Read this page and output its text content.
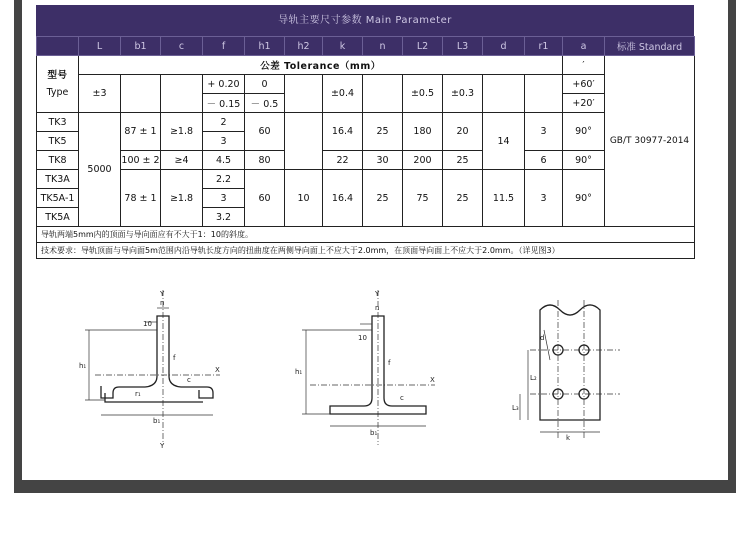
导轨主要尺寸参数 Main Parameter
	L	b1	c	f	h1	h2	k	n	L2	L3	d	r1	a	标准 Standard
型号
Type	公差 Tolerance（mm）												′	GB/T 30977-2014
	±3			+ 0.20	0		±0.4		±0.5	±0.3			+60′	
				－ 0.15	－ 0.5								+20′	
TK3	5000	87 ± 1	≥1.8	2	60		16.4	25	180	20	14	3	90°	
TK5				3										
TK8		100 ± 2	≥4	4.5	80		22	30	200	25		6	90°	
TK3A		78 ± 1	≥1.8	2.2	60	10	16.4	25	75	25	11.5	3	90°	
TK5A-1				3										
TK5A				3.2										
导轨两端5mm内的顶面与导向面应有不大于1：10的斜度。														
技术要求：导轨顶面与导向面5m范围内沿导轨长度方向的扭曲度在两侧导向面上不应大于2.0mm，在顶面导向面上不应大于2.0mm。（详见图3）														
Y
Y
X
n
h₁
b₁
10
f
c
r₁
Y
X
n
h₁
b₁
10
f
c
L₂
L₃
k
d
